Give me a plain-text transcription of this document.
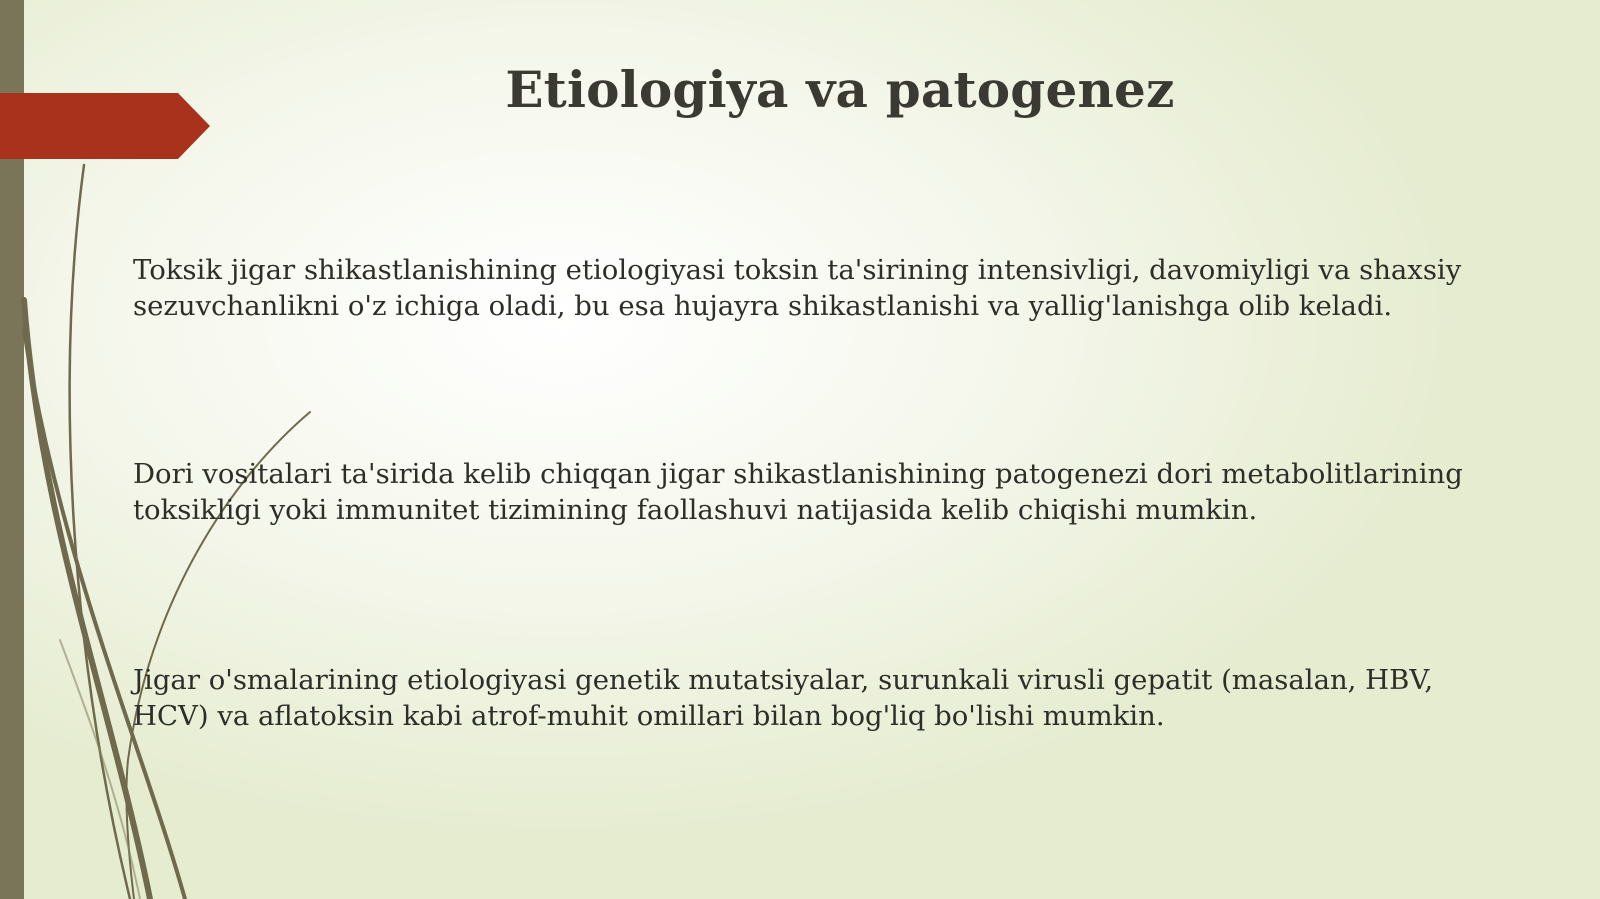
Etiologiya va patogenez

Toksik jigar shikastlanishining etiologiyasi toksin ta'sirining intensivligi, davomiyligi va shaxsiy sezuvchanlikni o'z ichiga oladi, bu esa hujayra shikastlanishi va yallig'lanishga olib keladi.

Dori vositalari ta'sirida kelib chiqqan jigar shikastlanishining patogenezi dori metabolitlarining toksikligi yoki immunitet tizimining faollashuvi natijasida kelib chiqishi mumkin.

Jigar o'smalarining etiologiyasi genetik mutatsiyalar, surunkali virusli gepatit (masalan, HBV, HCV) va aflatoksin kabi atrof-muhit omillari bilan bog'liq bo'lishi mumkin.
